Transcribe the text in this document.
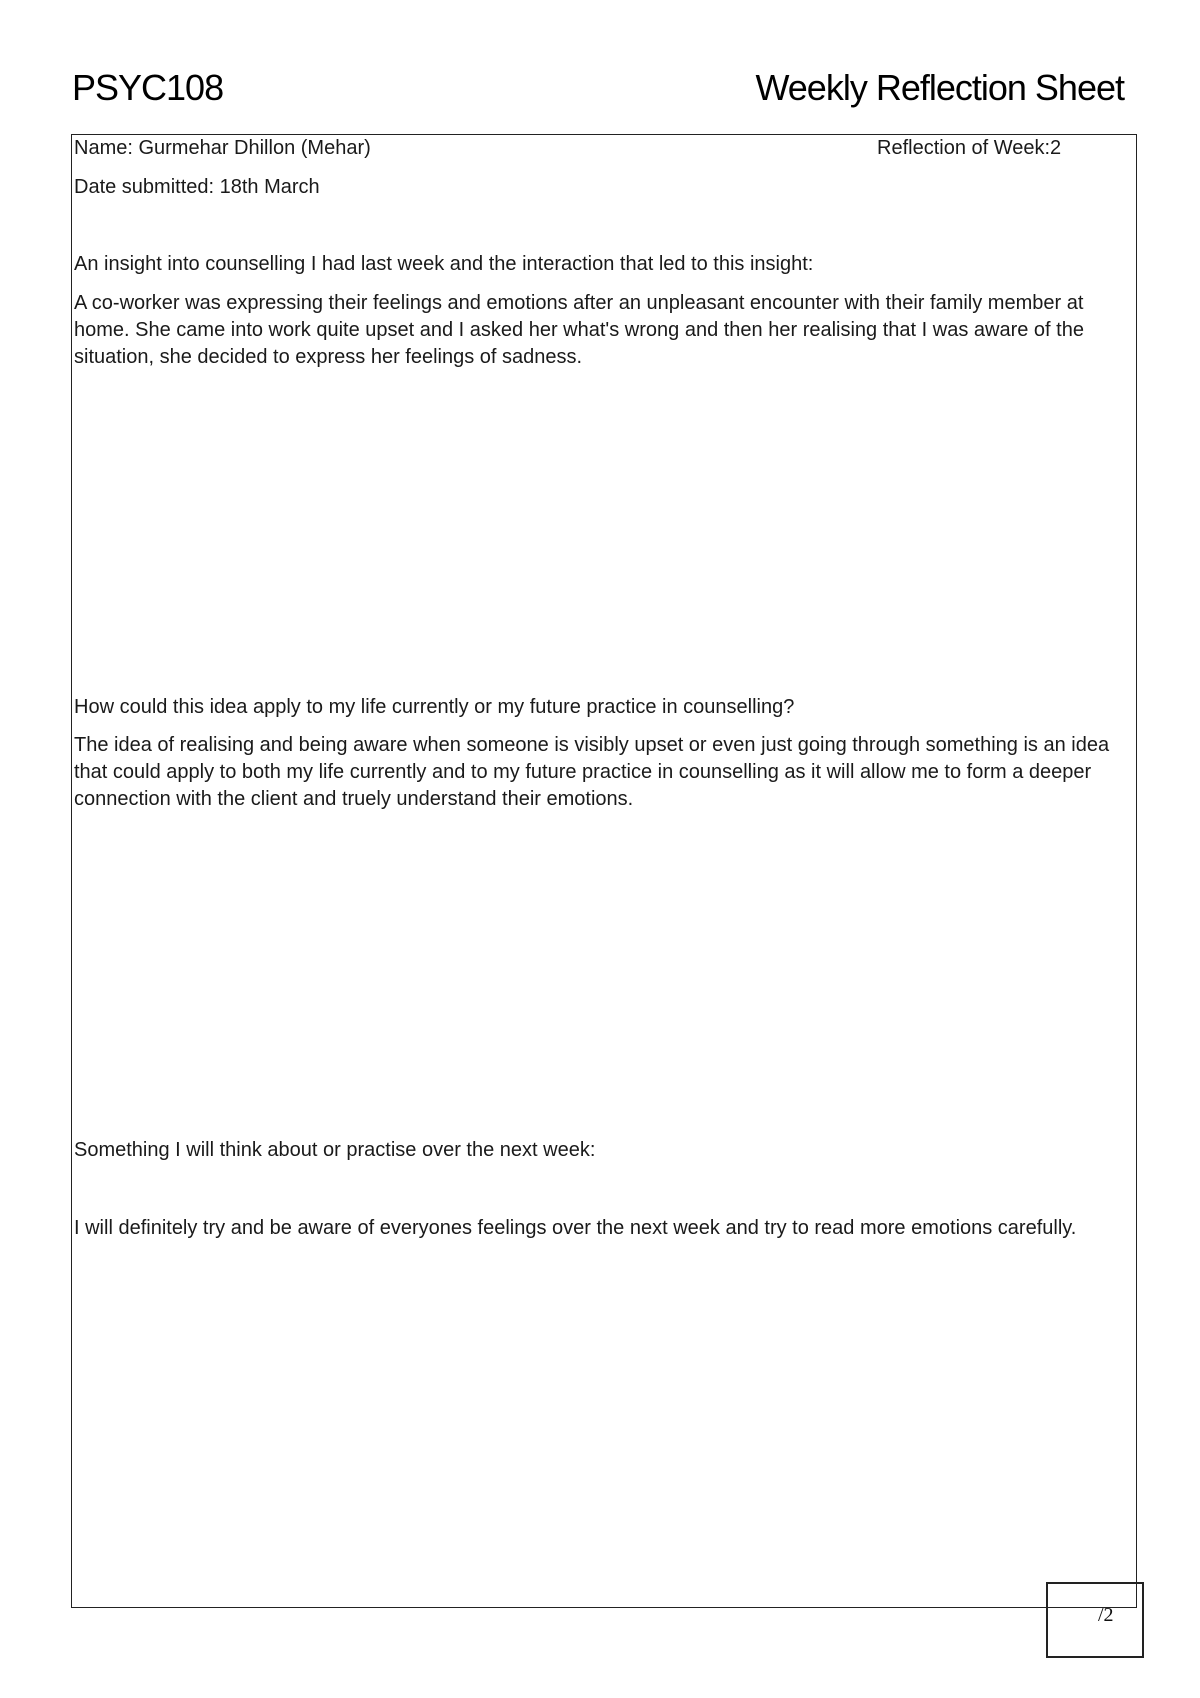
PSYC108	Weekly Reflection Sheet
Name: Gurmehar Dhillon (Mehar)	Reflection of Week:2
Date submitted: 18th March
An insight into counselling I had last week and the interaction that led to this insight:
A co-worker was expressing their feelings and emotions after an unpleasant encounter with their family member at home. She came into work quite upset and I asked her what's wrong and then her realising that I was aware of the situation, she decided to express her feelings of sadness.
How could this idea apply to my life currently or my future practice in counselling?
The idea of realising and being aware when someone is visibly upset or even just going through something is an idea that could apply to both my life currently and to my future practice in counselling as it will allow me to form a deeper connection with the client and truely understand their emotions.
Something I will think about or practise over the next week:
I will definitely try and be aware of everyones feelings over the next week and try to read more emotions carefully.
/2
